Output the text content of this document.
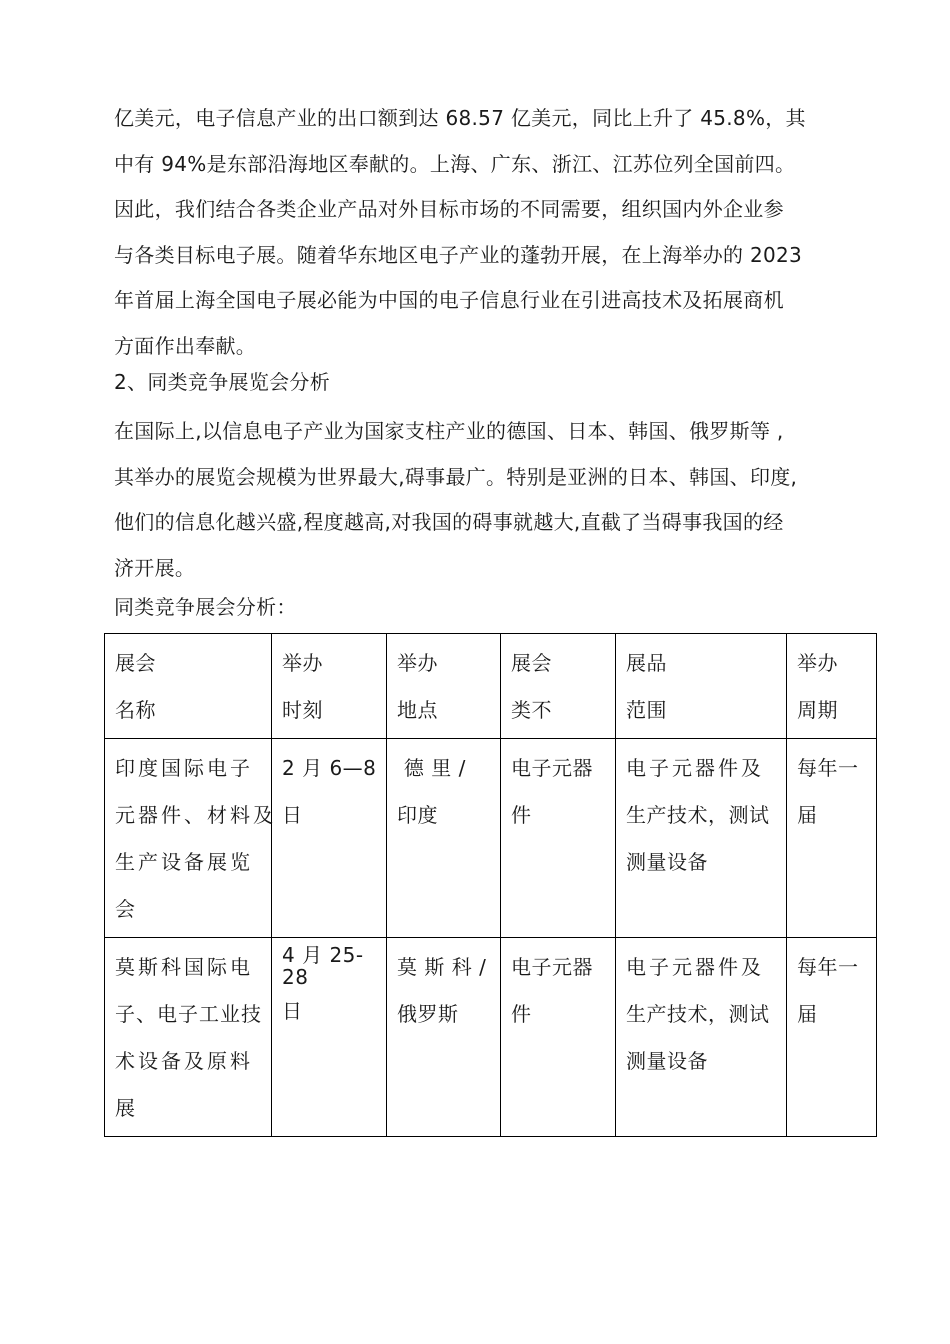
亿美元，电子信息产业的出口额到达 68.57 亿美元，同比上升了 45.8%，其
中有 94%是东部沿海地区奉献的。上海、广东、浙江、江苏位列全国前四。
因此，我们结合各类企业产品对外目标市场的不同需要，组织国内外企业参
与各类目标电子展。随着华东地区电子产业的蓬勃开展，在上海举办的 2023
年首届上海全国电子展必能为中国的电子信息行业在引进高技术及拓展商机
方面作出奉献。
2、同类竞争展览会分析
在国际上,以信息电子产业为国家支柱产业的德国、日本、韩国、俄罗斯等 ,
其举办的展览会规模为世界最大,碍事最广。特别是亚洲的日本、韩国、印度,
他们的信息化越兴盛,程度越高,对我国的碍事就越大,直截了当碍事我国的经
济开展。
同类竞争展会分析：
展会
名称	举办
时刻	举办
地点	展会
类不	展品
范围	举办
周期

印度国际电子
元器件、材料及
生产设备展览
会	2 月 6—8
日	德 里 /
印度	电子元器
件	电子元器件及
生产技术，测试
测量设备	每年一
届

莫斯科国际电
子、电子工业技
术设备及原料
展	4 月 25-
28
日	莫 斯 科 /
俄罗斯	电子元器
件	电子元器件及
生产技术，测试
测量设备	每年一
届
